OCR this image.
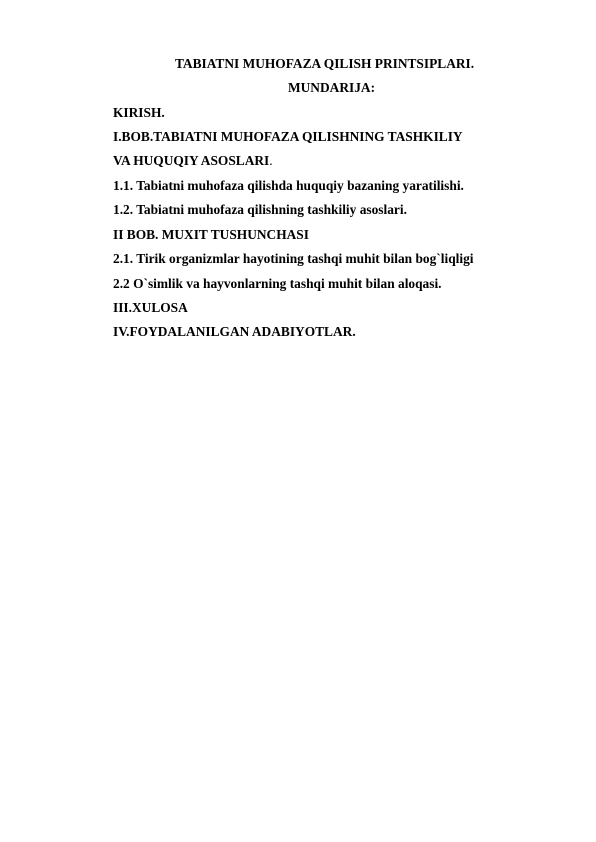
TABIATNI MUHOFAZA QILISH PRINTSIPLARI.
MUNDARIJA:
KIRISH.
I.BOB.TABIATNI MUHOFAZA QILISHNING TASHKILIY
VA HUQUQIY ASOSLARI.
1.1. Tabiatni muhofaza qilishda huquqiy bazaning yaratilishi.
1.2. Tabiatni muhofaza qilishning tashkiliy asoslari.
II BOB. MUXIT TUSHUNCHASI
2.1. Tirik organizmlar hayotining tashqi muhit bilan bog`liqligi
2.2 O`simlik va hayvonlarning tashqi muhit bilan aloqasi.
III.XULOSA
IV.FOYDALANILGAN ADABIYOTLAR.
